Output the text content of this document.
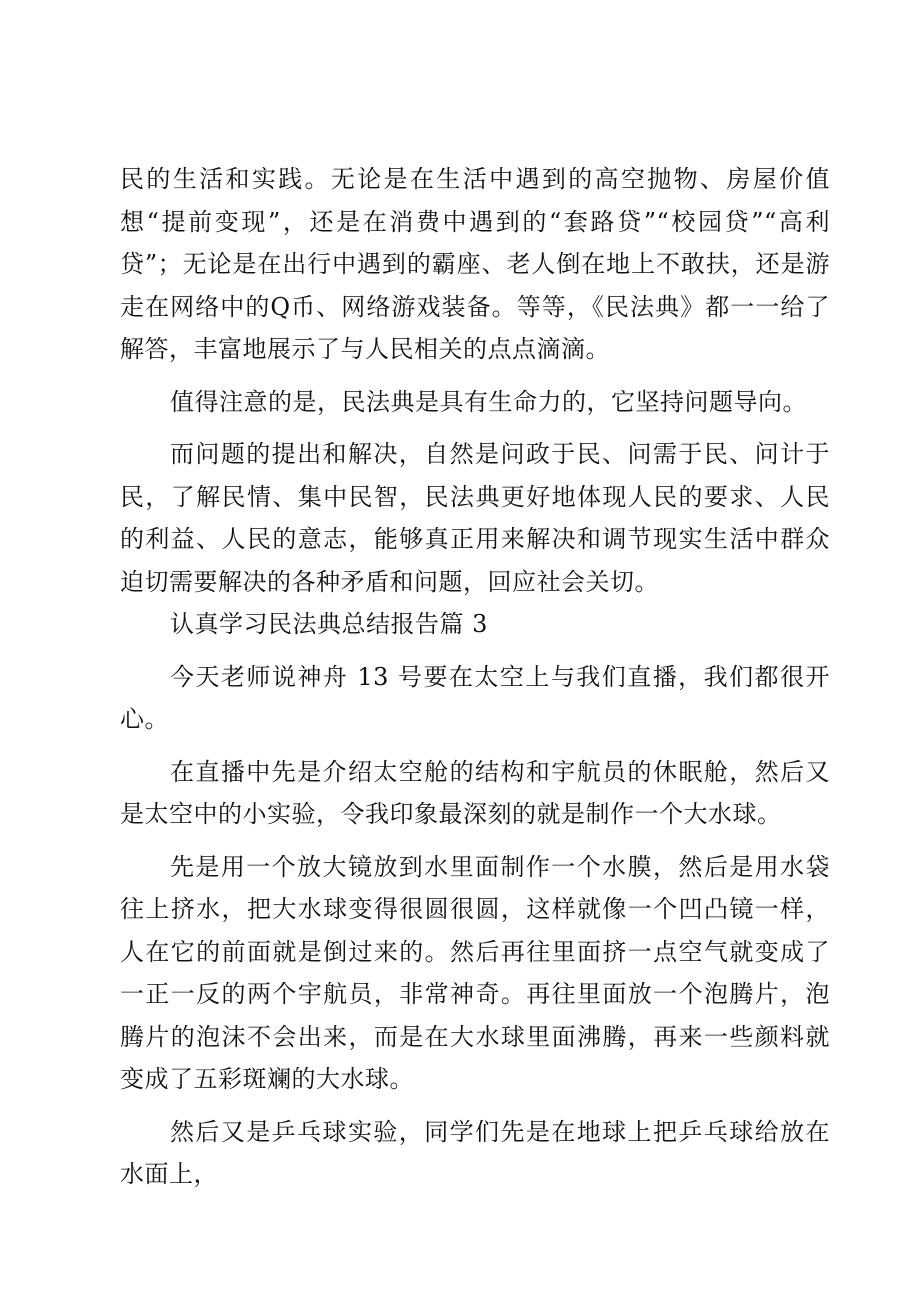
民的生活和实践。无论是在生活中遇到的高空抛物、房屋价值想“提前变现”，还是在消费中遇到的“套路贷”“校园贷”“高利贷”；无论是在出行中遇到的霸座、老人倒在地上不敢扶，还是游走在网络中的Q币、网络游戏装备。等等，《民法典》都一一给了解答，丰富地展示了与人民相关的点点滴滴。

值得注意的是，民法典是具有生命力的，它坚持问题导向。

而问题的提出和解决，自然是问政于民、问需于民、问计于民，了解民情、集中民智，民法典更好地体现人民的要求、人民的利益、人民的意志，能够真正用来解决和调节现实生活中群众迫切需要解决的各种矛盾和问题，回应社会关切。

认真学习民法典总结报告篇 3

今天老师说神舟 13 号要在太空上与我们直播，我们都很开心。

在直播中先是介绍太空舱的结构和宇航员的休眠舱，然后又是太空中的小实验，令我印象最深刻的就是制作一个大水球。

先是用一个放大镜放到水里面制作一个水膜，然后是用水袋往上挤水，把大水球变得很圆很圆，这样就像一个凹凸镜一样，人在它的前面就是倒过来的。然后再往里面挤一点空气就变成了一正一反的两个宇航员，非常神奇。再往里面放一个泡腾片，泡腾片的泡沫不会出来，而是在大水球里面沸腾，再来一些颜料就变成了五彩斑斓的大水球。

然后又是乒乓球实验，同学们先是在地球上把乒乓球给放在水面上，
